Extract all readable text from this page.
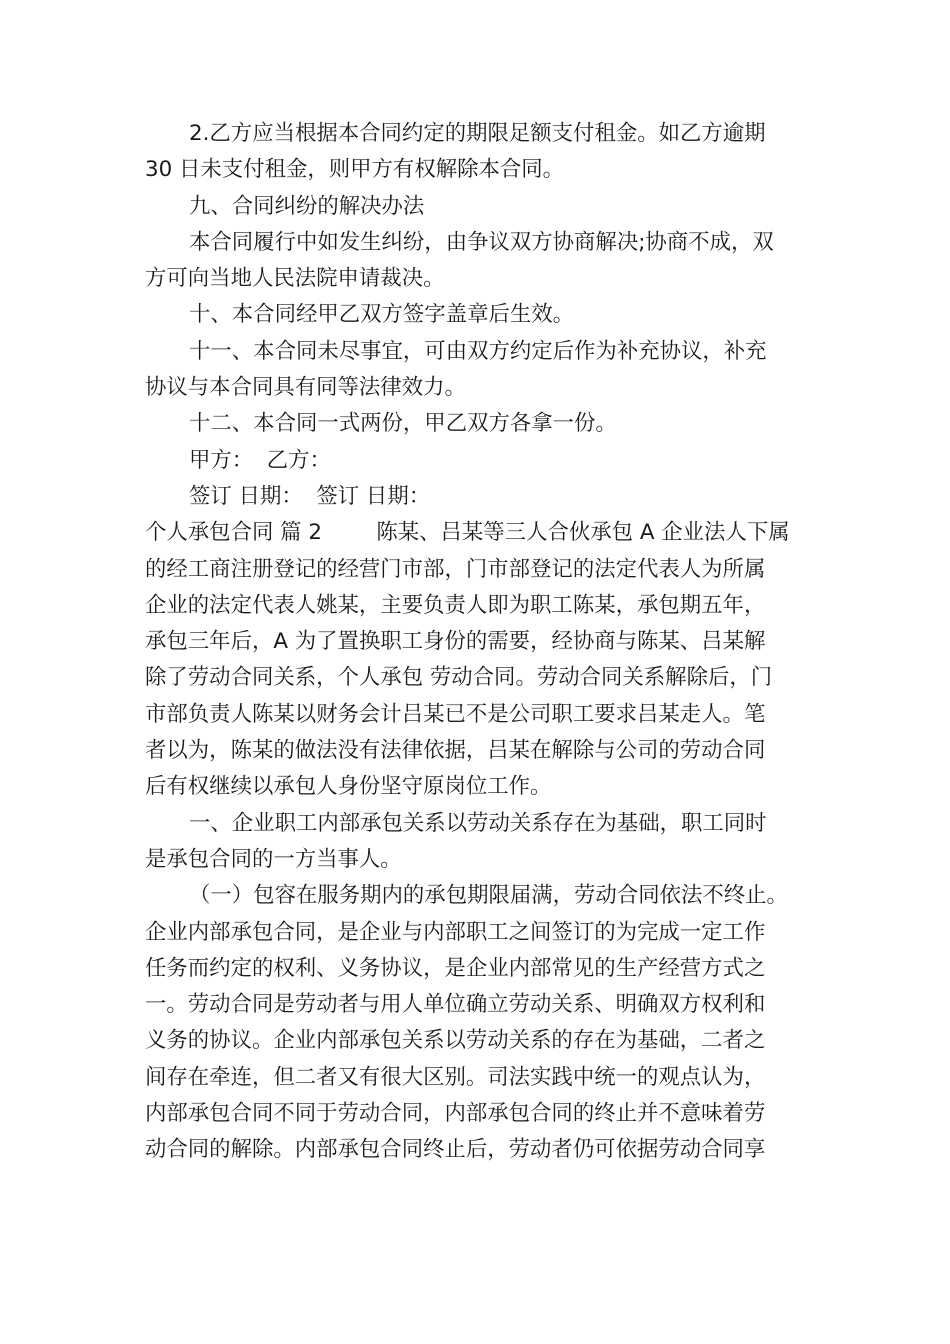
2.乙方应当根据本合同约定的期限足额支付租金。如乙方逾期
30 日未支付租金，则甲方有权解除本合同。
九、合同纠纷的解决办法
本合同履行中如发生纠纷，由争议双方协商解决;协商不成，双
方可向当地人民法院申请裁决。
十、本合同经甲乙双方签字盖章后生效。
十一、本合同未尽事宜，可由双方约定后作为补充协议，补充
协议与本合同具有同等法律效力。
十二、本合同一式两份，甲乙双方各拿一份。
甲方：  乙方：
签订 日期：  签订 日期：
个人承包合同 篇 2        陈某、吕某等三人合伙承包 A 企业法人下属
的经工商注册登记的经营门市部，门市部登记的法定代表人为所属
企业的法定代表人姚某，主要负责人即为职工陈某，承包期五年，
承包三年后，A 为了置换职工身份的需要，经协商与陈某、吕某解
除了劳动合同关系，个人承包 劳动合同。劳动合同关系解除后，门
市部负责人陈某以财务会计吕某已不是公司职工要求吕某走人。笔
者以为，陈某的做法没有法律依据，吕某在解除与公司的劳动合同
后有权继续以承包人身份坚守原岗位工作。
一、企业职工内部承包关系以劳动关系存在为基础，职工同时
是承包合同的一方当事人。
（一）包容在服务期内的承包期限届满，劳动合同依法不终止。
企业内部承包合同，是企业与内部职工之间签订的为完成一定工作
任务而约定的权利、义务协议，是企业内部常见的生产经营方式之
一。劳动合同是劳动者与用人单位确立劳动关系、明确双方权利和
义务的协议。企业内部承包关系以劳动关系的存在为基础，二者之
间存在牵连，但二者又有很大区别。司法实践中统一的观点认为，
内部承包合同不同于劳动合同，内部承包合同的终止并不意味着劳
动合同的解除。内部承包合同终止后，劳动者仍可依据劳动合同享
